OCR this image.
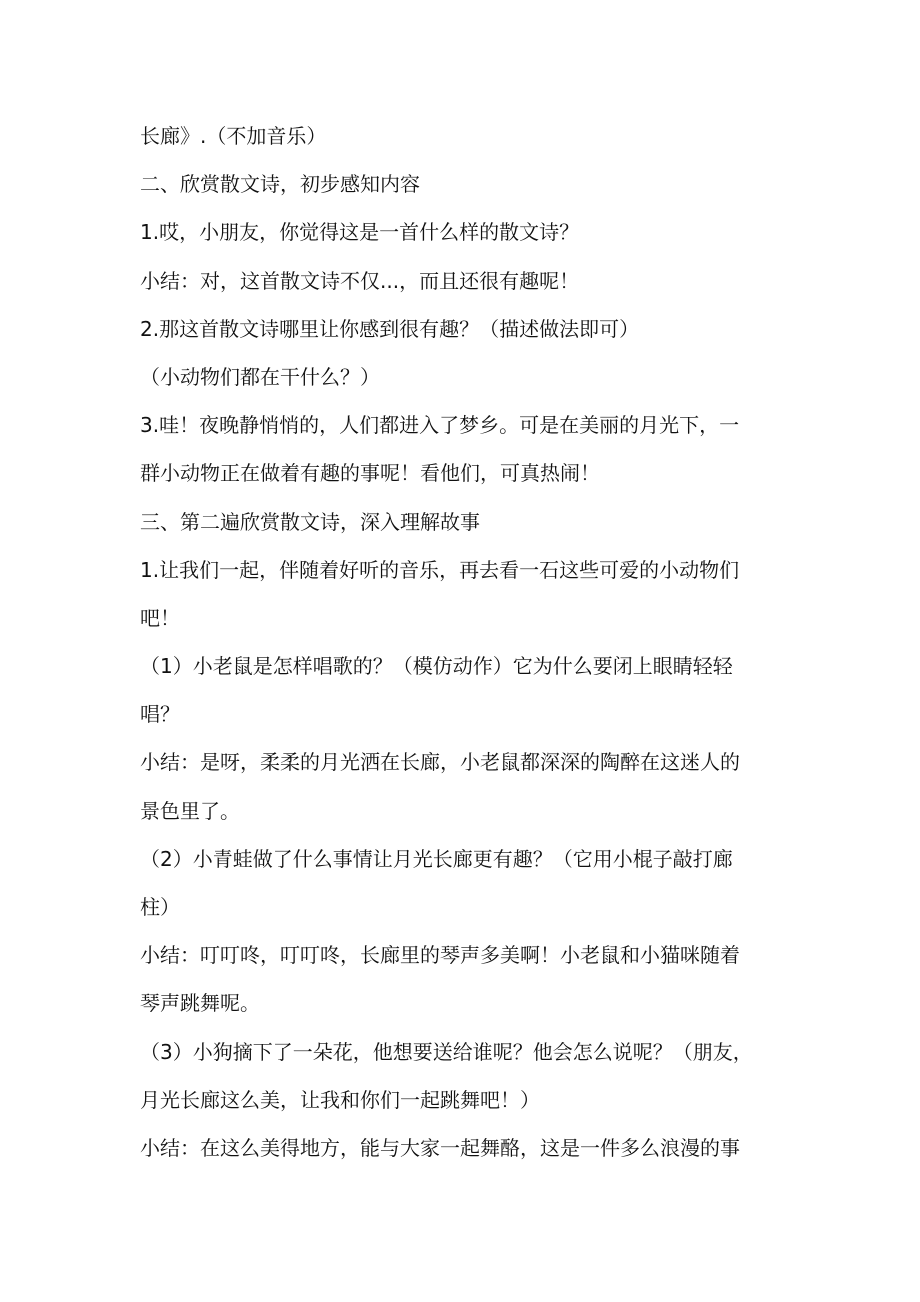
长廊》.（不加音乐）
二、欣赏散文诗，初步感知内容
1.哎，小朋友，你觉得这是一首什么样的散文诗？
小结：对，这首散文诗不仅...，而且还很有趣呢！
2.那这首散文诗哪里让你感到很有趣？（描述做法即可）
（小动物们都在干什么？）
3.哇！夜晚静悄悄的，人们都进入了梦乡。可是在美丽的月光下，一
群小动物正在做着有趣的事呢！看他们，可真热闹！
三、第二遍欣赏散文诗，深入理解故事
1.让我们一起，伴随着好听的音乐，再去看一石这些可爱的小动物们
吧！
（1）小老鼠是怎样唱歌的？（模仿动作）它为什么要闭上眼睛轻轻
唱？
小结：是呀，柔柔的月光洒在长廊，小老鼠都深深的陶醉在这迷人的
景色里了。
（2）小青蛙做了什么事情让月光长廊更有趣？（它用小棍子敲打廊
柱）
小结：叮叮咚，叮叮咚，长廊里的琴声多美啊！小老鼠和小猫咪随着
琴声跳舞呢。
（3）小狗摘下了一朵花，他想要送给谁呢？他会怎么说呢？（朋友，
月光长廊这么美，让我和你们一起跳舞吧！）
小结：在这么美得地方，能与大家一起舞酪，这是一件多么浪漫的事
